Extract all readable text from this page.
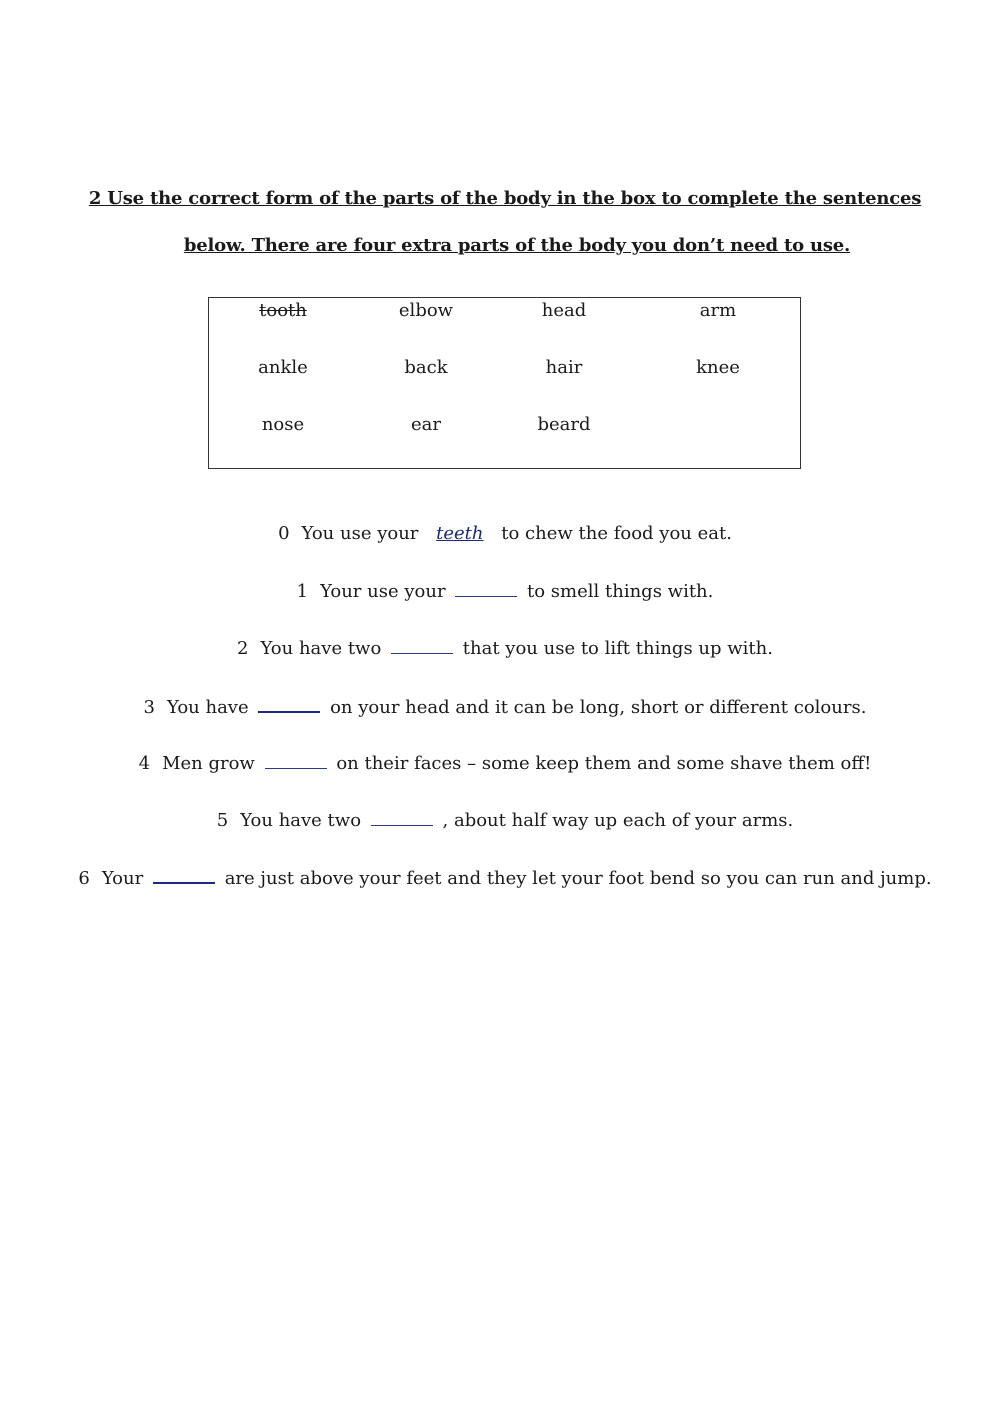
2 Use the correct form of the parts of the body in the box to complete the sentences
below. There are four extra parts of the body you don’t need to use.
tooth	elbow	head	arm
ankle	back	hair	knee
nose	ear	beard
0 You use your teeth to chew the food you eat.
1 Your use your	to smell things with.
2 You have two	that you use to lift things up with.
3 You have	on your head and it can be long, short or different colours.
4 Men grow	on their faces – some keep them and some shave them off!
5 You have two	, about half way up each of your arms.
6 Your	are just above your feet and they let your foot bend so you can run and jump.
